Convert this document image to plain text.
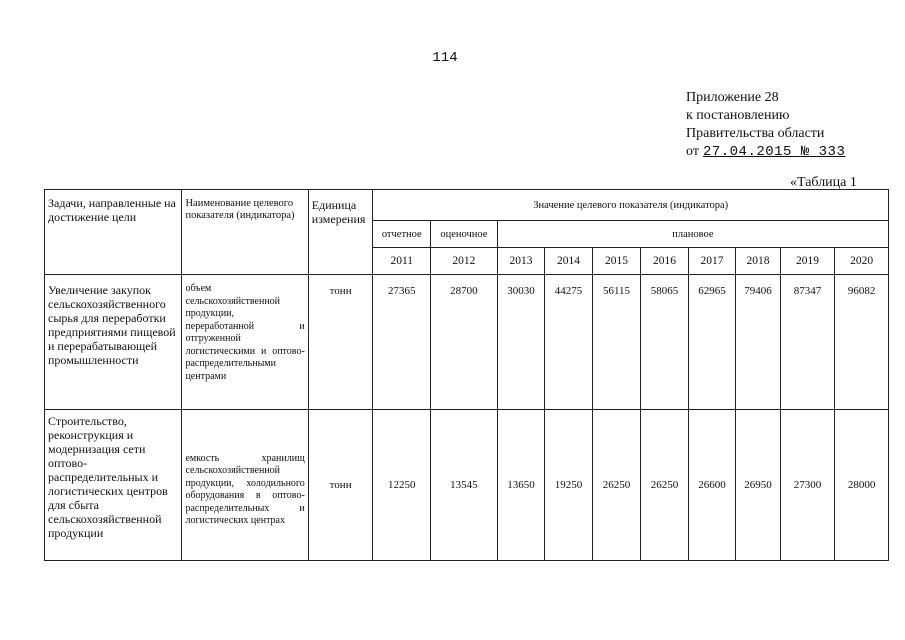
114
Приложение 28
к постановлению
Правительства области
от 27.04.2015 № 333
«Таблица 1
Задачи, направленные на достижение цели	Наименование целевого показателя (индикатора)	Единица измерения	Значение целевого показателя (индикатора)									
			отчетное	оценочное	плановое							
			2011	2012	2013	2014	2015	2016	2017	2018	2019	2020
Увеличение закупок сельскохозяйственного сырья для переработки предприятиями пищевой и перерабатывающей промышленности	объем сельскохозяйственной продукции, переработанной и отгруженной логистическими и оптово-распределительными центрами	тонн	27365	28700	30030	44275	56115	58065	62965	79406	87347	96082
Строительство, реконструкция и модернизация сети оптово-распределительных и логистических центров для сбыта сельскохозяйственной продукции	емкость хранилищ сельскохозяйственной продукции, холодильного оборудования в оптово-распределительных и логистических центрах	тонн	12250	13545	13650	19250	26250	26250	26600	26950	27300	28000
